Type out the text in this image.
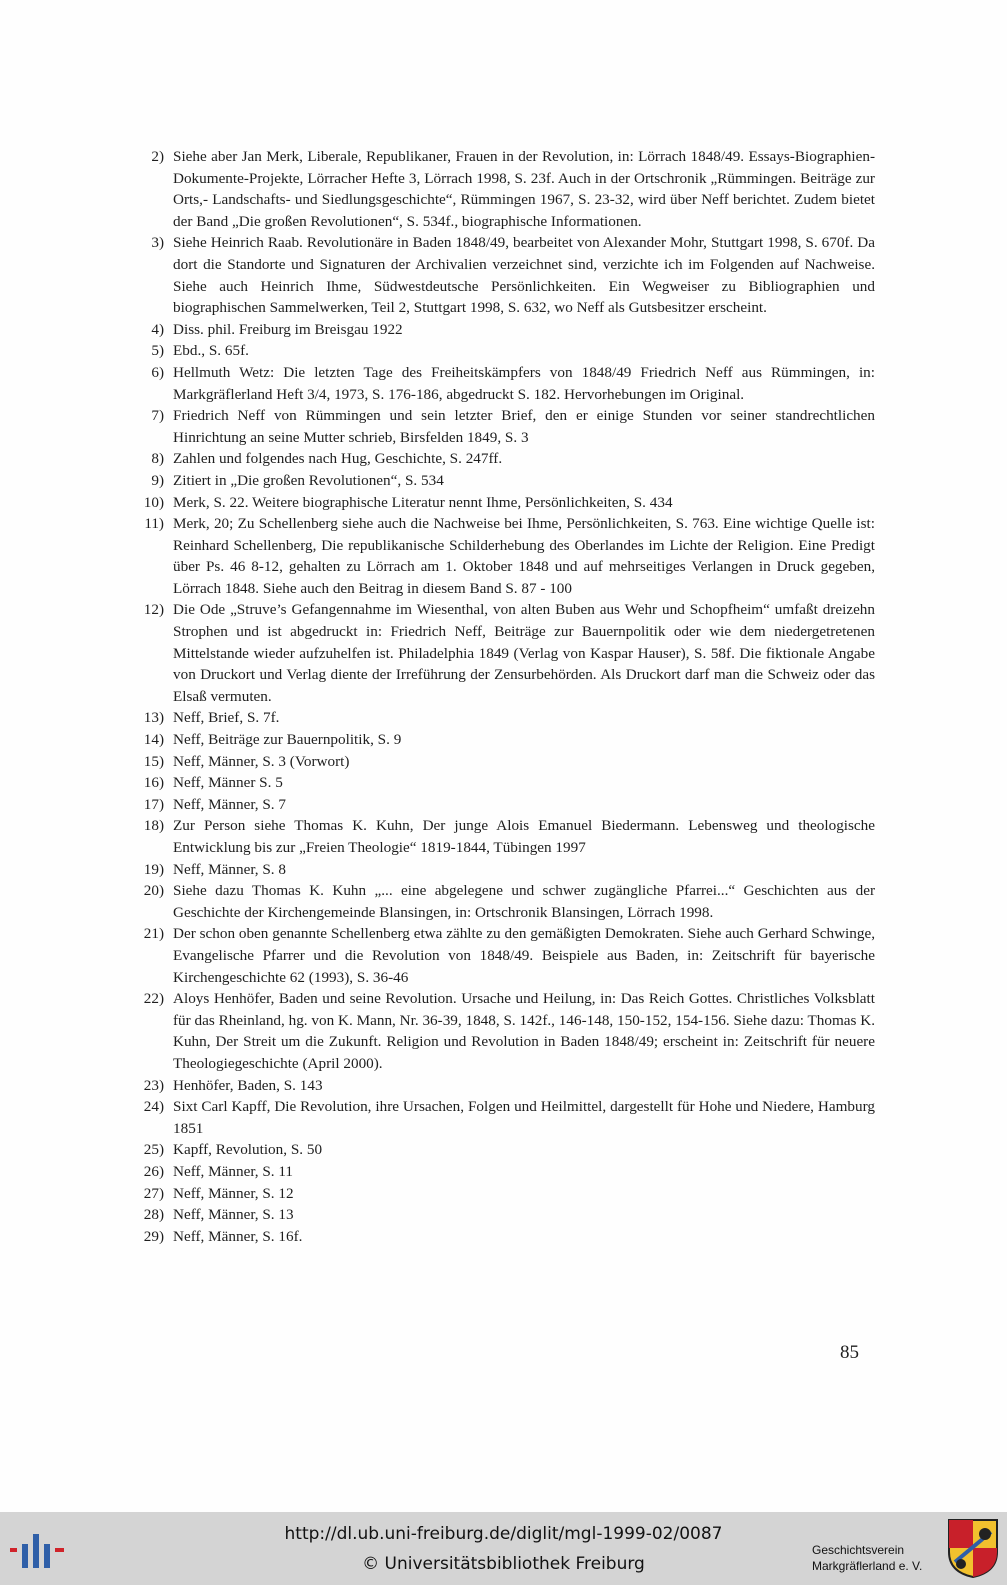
2) Siehe aber Jan Merk, Liberale, Republikaner, Frauen in der Revolution, in: Lörrach 1848/49. Essays-Biographien-Dokumente-Projekte, Lörracher Hefte 3, Lörrach 1998, S. 23f. Auch in der Ortschronik „Rümmingen. Beiträge zur Orts,- Landschafts- und Siedlungsgeschichte“, Rümmingen 1967, S. 23-32, wird über Neff berichtet. Zudem bietet der Band „Die großen Revolutionen“, S. 534f., biographische Informationen.
3) Siehe Heinrich Raab. Revolutionäre in Baden 1848/49, bearbeitet von Alexander Mohr, Stuttgart 1998, S. 670f. Da dort die Standorte und Signaturen der Archivalien verzeichnet sind, verzichte ich im Folgenden auf Nachweise. Siehe auch Heinrich Ihme, Südwestdeutsche Persönlichkeiten. Ein Wegweiser zu Bibliographien und biographischen Sammelwerken, Teil 2, Stuttgart 1998, S. 632, wo Neff als Gutsbesitzer erscheint.
4) Diss. phil. Freiburg im Breisgau 1922
5) Ebd., S. 65f.
6) Hellmuth Wetz: Die letzten Tage des Freiheitskämpfers von 1848/49 Friedrich Neff aus Rümmingen, in: Markgräflerland Heft 3/4, 1973, S. 176-186, abgedruckt S. 182. Hervorhebungen im Original.
7) Friedrich Neff von Rümmingen und sein letzter Brief, den er einige Stunden vor seiner standrechtlichen Hinrichtung an seine Mutter schrieb, Birsfelden 1849, S. 3
8) Zahlen und folgendes nach Hug, Geschichte, S. 247ff.
9) Zitiert in „Die großen Revolutionen“, S. 534
10) Merk, S. 22. Weitere biographische Literatur nennt Ihme, Persönlichkeiten, S. 434
11) Merk, 20; Zu Schellenberg siehe auch die Nachweise bei Ihme, Persönlichkeiten, S. 763. Eine wichtige Quelle ist: Reinhard Schellenberg, Die republikanische Schilderhebung des Oberlandes im Lichte der Religion. Eine Predigt über Ps. 46 8-12, gehalten zu Lörrach am 1. Oktober 1848 und auf mehrseitiges Verlangen in Druck gegeben, Lörrach 1848. Siehe auch den Beitrag in diesem Band S. 87 - 100
12) Die Ode „Struve’s Gefangennahme im Wiesenthal, von alten Buben aus Wehr und Schopfheim“ umfaßt dreizehn Strophen und ist abgedruckt in: Friedrich Neff, Beiträge zur Bauernpolitik oder wie dem niedergetretenen Mittelstande wieder aufzuhelfen ist. Philadelphia 1849 (Verlag von Kaspar Hauser), S. 58f. Die fiktionale Angabe von Druckort und Verlag diente der Irreführung der Zensurbehörden. Als Druckort darf man die Schweiz oder das Elsaß vermuten.
13) Neff, Brief, S. 7f.
14) Neff, Beiträge zur Bauernpolitik, S. 9
15) Neff, Männer, S. 3 (Vorwort)
16) Neff, Männer S. 5
17) Neff, Männer, S. 7
18) Zur Person siehe Thomas K. Kuhn, Der junge Alois Emanuel Biedermann. Lebensweg und theologische Entwicklung bis zur „Freien Theologie“ 1819-1844, Tübingen 1997
19) Neff, Männer, S. 8
20) Siehe dazu Thomas K. Kuhn „... eine abgelegene und schwer zugängliche Pfarrei...“ Geschichten aus der Geschichte der Kirchengemeinde Blansingen, in: Ortschronik Blansingen, Lörrach 1998.
21) Der schon oben genannte Schellenberg etwa zählte zu den gemäßigten Demokraten. Siehe auch Gerhard Schwinge, Evangelische Pfarrer und die Revolution von 1848/49. Beispiele aus Baden, in: Zeitschrift für bayerische Kirchengeschichte 62 (1993), S. 36-46
22) Aloys Henhöfer, Baden und seine Revolution. Ursache und Heilung, in: Das Reich Gottes. Christliches Volksblatt für das Rheinland, hg. von K. Mann, Nr. 36-39, 1848, S. 142f., 146-148, 150-152, 154-156. Siehe dazu: Thomas K. Kuhn, Der Streit um die Zukunft. Religion und Revolution in Baden 1848/49; erscheint in: Zeitschrift für neuere Theologiegeschichte (April 2000).
23) Henhöfer, Baden, S. 143
24) Sixt Carl Kapff, Die Revolution, ihre Ursachen, Folgen und Heilmittel, dargestellt für Hohe und Niedere, Hamburg 1851
25) Kapff, Revolution, S. 50
26) Neff, Männer, S. 11
27) Neff, Männer, S. 12
28) Neff, Männer, S. 13
29) Neff, Männer, S. 16f.
85
http://dl.ub.uni-freiburg.de/diglit/mgl-1999-02/0087
© Universitätsbibliothek Freiburg
Geschichtsverein
Markgräflerland e. V.
